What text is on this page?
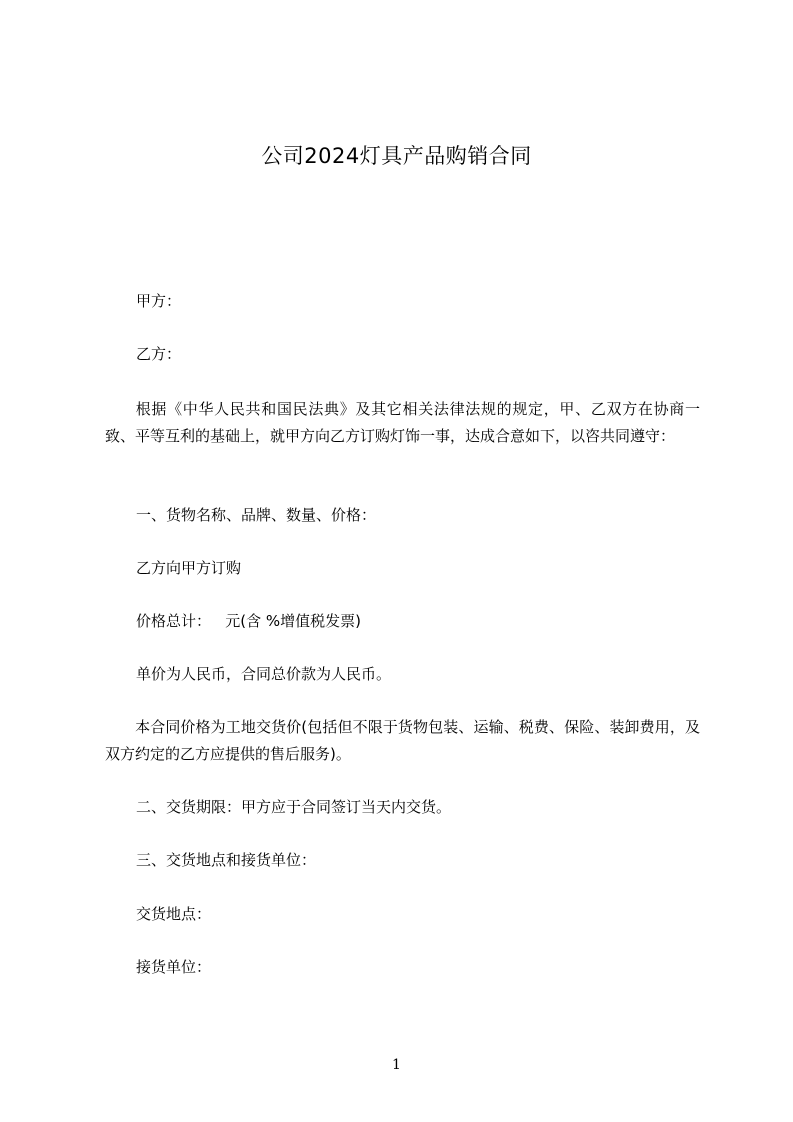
公司2024灯具产品购销合同
甲方：
乙方：
根据《中华人民共和国民法典》及其它相关法律法规的规定，甲、乙双方在协商一致、平等互利的基础上，就甲方向乙方订购灯饰一事，达成合意如下，以咨共同遵守：
一、货物名称、品牌、数量、价格：
乙方向甲方订购
价格总计：   元(含 %增值税发票)
单价为人民币，合同总价款为人民币。
本合同价格为工地交货价(包括但不限于货物包装、运输、税费、保险、装卸费用，及双方约定的乙方应提供的售后服务)。
二、交货期限：甲方应于合同签订当天内交货。
三、交货地点和接货单位：
交货地点：
接货单位：
1
